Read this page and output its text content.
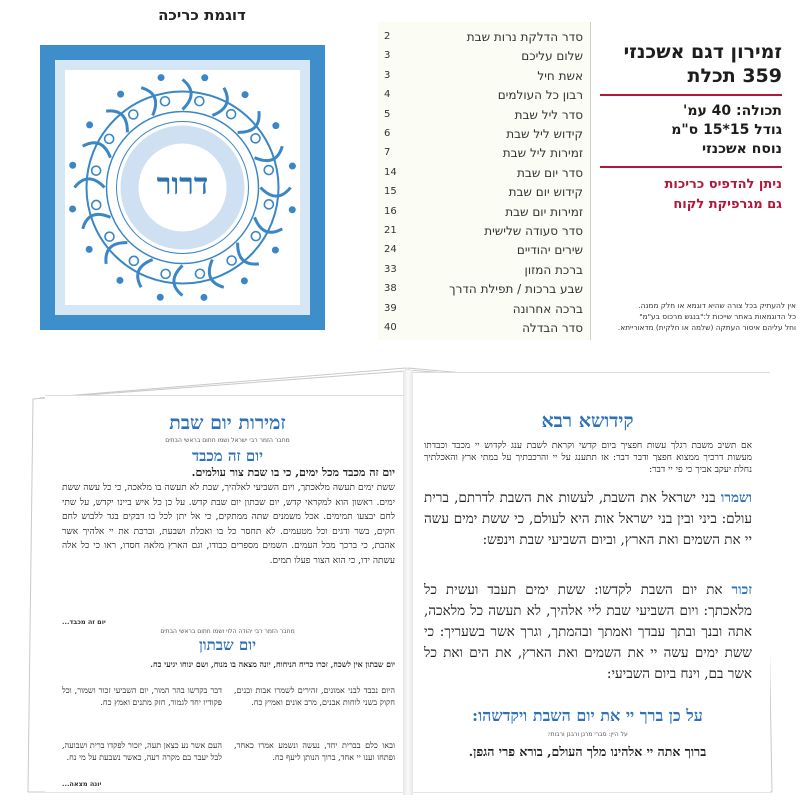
דוגמת כריכה
דרור
2	סדר הדלקת נרות שבת
3	שלום עליכם
3	אשת חיל
4	רבון כל העולמים
5	סדר ליל שבת
6	קידוש ליל שבת
7	זמירות ליל שבת
14	סדר יום שבת
15	קידוש יום שבת
16	זמירות יום שבת
21	סדר סעודה שלישית
24	שירים יהודיים
33	ברכת המזון
38	שבע ברכות / תפילת הדרך
39	ברכה אחרונה
40	סדר הבדלה
זמירון דגם אשכנזי
359 תכלת
תכולה: 40 עמ'
גודל 15*15 ס"מ
נוסח אשכנזי
ניתן להדפיס כריכות
גם מגרפיקת לקוח
אין להעתיק בכל צורה שהיא דוגמא או חלק ממנה.
כל הדוגמאות באתר שייכות ל:"בנגש מרכוס בע"מ"
וחל עליהם איסור העתקה (שלמה או חלקית) מדאורייתא.
קידושא רבא
אם תשיב משבת רגלך עשות חפציך ביום קדשי וקראת לשבת ענג לקדוש יי מכבד וכבדתו מעשות דרכיך ממצוא חפצך ודבר דבר: אז תתענג על יי והרכבתיך על במתי ארץ והאכלתיך נחלת יעקב אביך כי פי יי דבר:
ושמרו בני ישראל את השבת, לעשות את השבת לדרתם, ברית עולם: ביני ובין בני ישראל אות היא לעולם, כי ששת ימים עשה יי את השמים ואת הארץ, וביום השביעי שבת וינפש:
זכור את יום השבת לקדשו: ששת ימים תעבד ועשית כל מלאכתך: ויום השביעי שבת ליי אלהיך, לא תעשה כל מלאכה, אתה ובנך ובתך עבדך ואמתך ובהמתך, וגרך אשר בשעריך: כי ששת ימים עשה יי את השמים ואת הארץ, את הים ואת כל אשר בם, וינח ביום השביעי:
על כן ברך יי את יום השבת ויקדשהו:
על היין: סברי מרנן ורבנן ורבותי:
ברוך אתה יי אלהינו מלך העולם, בורא פרי הגפן.
זמירות יום שבת
מחבר הזמר רבי ישראל ושמו חתום בראשי הבתים
יום זה מכבד
יום זה מכבד מכל ימים, כי בו שבת צור עולמים.
ששת ימים תעשה מלאכתך, ויום השביעי לאלהיך, שבת לא תעשה בו מלאכה, כי כל עשה ששת ימים. ראשון הוא למקראי קדש, יום שבתון יום שבת קדש. על כן כל איש ביינו יקדש, על שתי לחם יבצעו תמימים. אכל משמנים שתה ממתקים, כי אל יתן לכל בו דבקים בגד ללבוש לחם חקים, בשר ודגים וכל מטעמים. לא תחסר כל בו ואכלת ושבעת, וברכת את יי אלהיך אשר אהבת, כי ברכך מכל העמים. השמים מספרים כבודו, וגם הארץ מלאה חסדו, ראו כי כל אלה עשתה ידו, כי הוא הצור פעלו תמים.
יום זה מכבד...
מחבר הזמר רבי יהודה הלוי ושמו חתום בראשי הבתים
יום שבתון
יום שבתון אין לשכח, זכרו כריח הניחוח, יונה מצאה בו מנוח, ושם ינוחו יגיעי כח.
היום נכבד לבני אמונים, זהירים לשמרו אבות ובנים, חקוק בשני לוחות אבנים, מרב אונים ואמיץ כח.
דבר בקדשו בהר המור, יום השביעי זכור ושמור, וכל פקודיו יחד לגמור, חזק מתנים ואמץ כח.
ובאו כלם בברית יחד, נעשה ונשמע אמרו כאחד, ופתחו וענו יי אחד, ברוך הנותן ליעף כח.
העם אשר נע כצאן תעה, יזכור לפקדו ברית ושבועה, לבל יעבר בם מקרה רעה, כאשר נשבעת על מי נח.
יונה מצאה...
